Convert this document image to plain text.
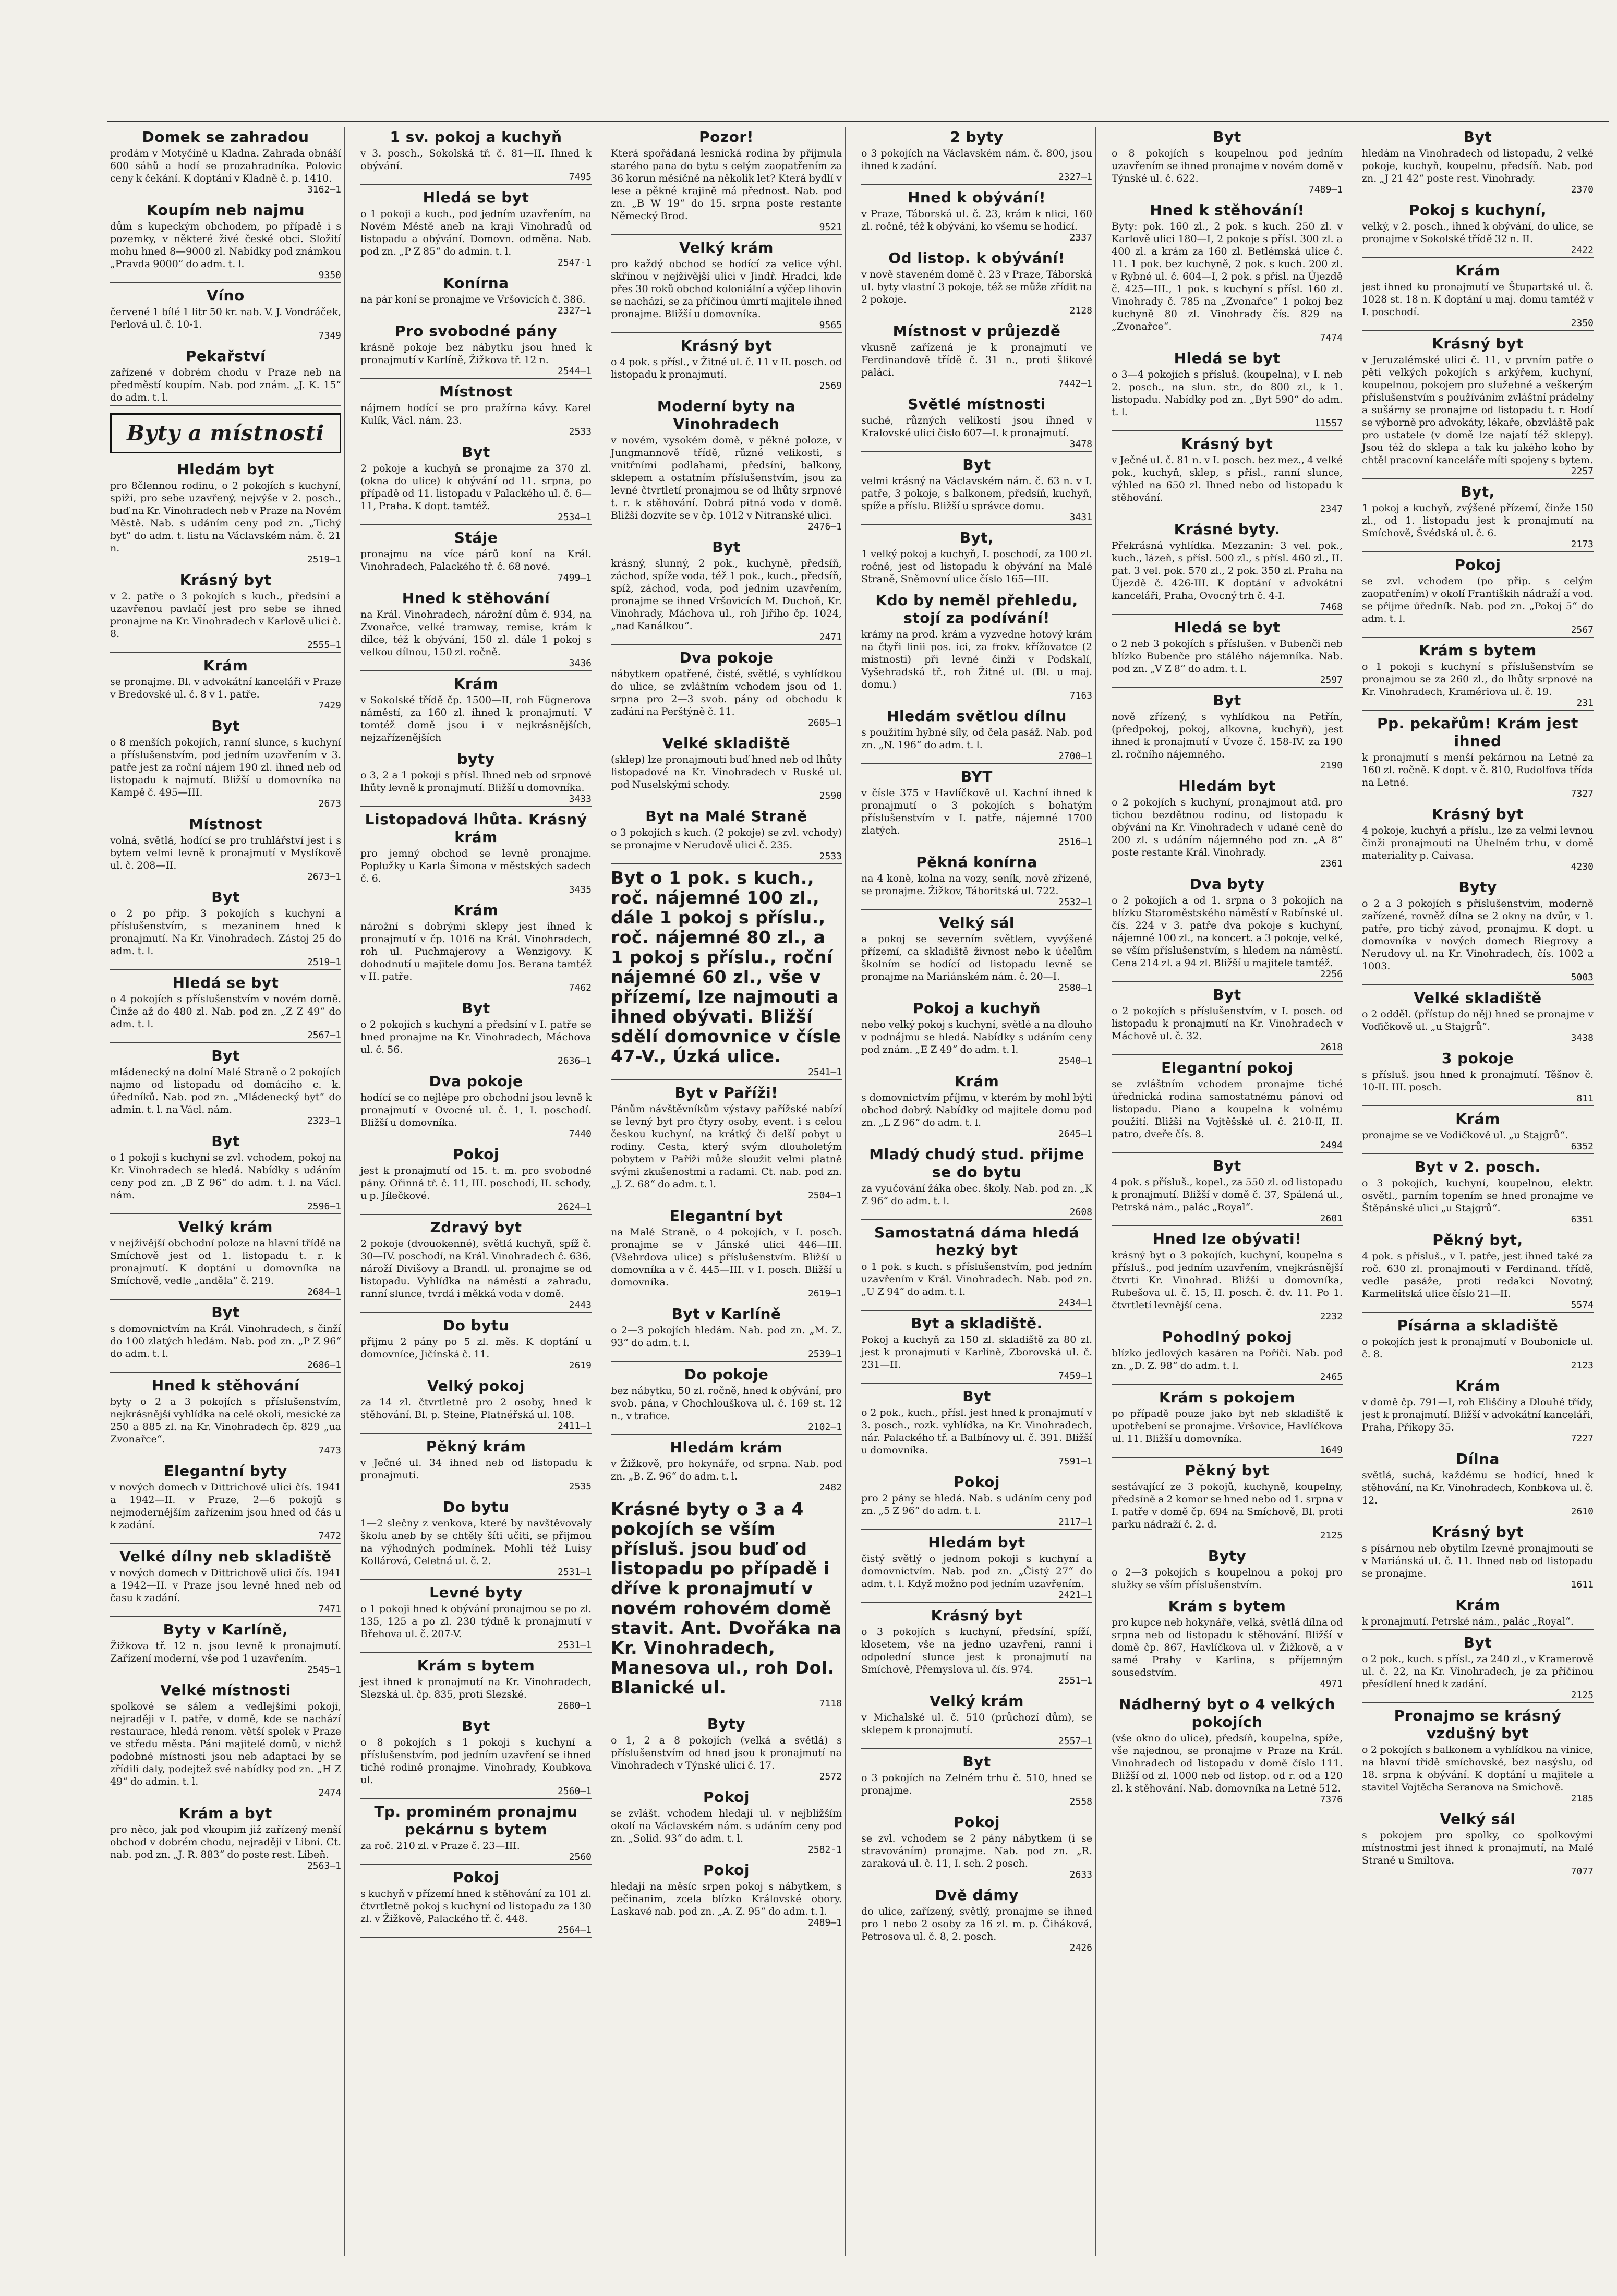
Domek se zahradou

prodám v Motyčíně u Kladna. Zahrada obnáší 600 sáhů a hodí se prozahradníka. Polovic ceny k čekání. K doptání v Kladně č. p. 1410.

3162—1
Koupím neb najmu

dům s kupeckým obchodem, po případě i s pozemky, v některé živé české obci. Složití mohu hned 8—9000 zl. Nabídky pod známkou „Pravda 9000“ do adm. t. l.

9350
Víno

červené 1 bílé 1 litr 50 kr. nab. V. J. Vondráček, Perlová ul. č. 10-1.

7349
Pekařství

zařízené v dobrém chodu v Praze neb na předměstí koupím. Nab. pod znám. „J. K. 15“ do adm. t. l.

Byty a místnosti
Hledám byt

pro 8člennou rodinu, o 2 pokojích s kuchyní, spíží, pro sebe uzavřený, nejvýše v 2. posch., buď na Kr. Vinohradech neb v Praze na Novém Městě. Nab. s udáním ceny pod zn. „Tichý byt“ do adm. t. listu na Václavském nám. č. 21 n.

2519—1
Krásný byt

v 2. patře o 3 pokojích s kuch., předsíní a uzavřenou pavlačí jest pro sebe se ihned pronajme na Kr. Vinohradech v Karlově ulici č. 8.

2555—1
Krám

se pronajme. Bl. v advokátní kanceláři v Praze v Bredovské ul. č. 8 v 1. patře.

7429
Byt

o 8 menších pokojích, ranní slunce, s kuchyní a příslušenstvím, pod jedním uzavřením v 3. patře jest za roční nájem 190 zl. ihned neb od listopadu k najmutí. Bližší u domovníka na Kampě č. 495—III.

2673
Místnost

volná, světlá, hodící se pro truhlářství jest i s bytem velmi levně k pronajmutí v Myslíkově ul. č. 208—II.

2673—1
Byt

o 2 po přip. 3 pokojích s kuchyní a příslušenstvím, s mezaninem hned k pronajmutí. Na Kr. Vinohradech. Zástoj 25 do adm. t. l.

2519—1
Hledá se byt

o 4 pokojích s příslušenstvím v novém domě. Činže až do 480 zl. Nab. pod zn. „Z Z 49“ do adm. t. l.

2567—1
Byt

mládenecký na dolní Malé Straně o 2 pokojích najmo od listopadu od domácího c. k. úředníků. Nab. pod zn. „Mládenecký byt“ do admin. t. l. na Václ. nám.

2323—1
Byt

o 1 pokoji s kuchyní se zvl. vchodem, pokoj na Kr. Vinohradech se hledá. Nabídky s udáním ceny pod zn. „B Z 96“ do adm. t. l. na Václ. nám.

2596—1
Velký krám

v nejživější obchodní poloze na hlavní třídě na Smíchově jest od 1. listopadu t. r. k pronajmutí. K doptání u domovníka na Smíchově, vedle „anděla“ č. 219.

2684—1
Byt

s domovnictvím na Král. Vinohradech, s činží do 100 zlatých hledám. Nab. pod zn. „P Z 96“ do adm. t. l.

2686—1
Hned k stěhování

byty o 2 a 3 pokojích s příslušenstvím, nejkrásnější vyhlídka na celé okolí, mesické za 250 a 885 zl. na Kr. Vinohradech čp. 829 „ua Zvonařce“.

7473
Elegantní byty

v nových domech v Dittrichově ulici čís. 1941 a 1942—II. v Praze, 2—6 pokojů s nejmodernějším zařízením jsou hned od čás u k zadání.

7472
Velké dílny neb skladiště

v nových domech v Dittrichově ulici čís. 1941 a 1942—II. v Praze jsou levně hned neb od času k zadání.

7471
Byty v Karlíně,

Žižkova tř. 12 n. jsou levně k pronajmutí. Zařízení moderní, vše pod 1 uzavřením.

2545—1
Velké místnosti

spolkové se sálem a vedlejšími pokoji, nejraději v I. patře, v domě, kde se nachází restaurace, hledá renom. větší spolek v Praze ve středu města. Páni majitelé domů, v nichž podobné místnosti jsou neb adaptaci by se zřídili daly, podejtež své nabídky pod zn. „H Z 49“ do admin. t. l.

2474
Krám a byt

pro něco, jak pod vkoupim již zařízený menší obchod v dobrém chodu, nejraději v Libni. Ct. nab. pod zn. „J. R. 883“ do poste rest. Libeň.

2563—1
1 sv. pokoj a kuchyň

v 3. posch., Sokolská tř. č. 81—II. Ihned k obývání.

7495
Hledá se byt

o 1 pokoji a kuch., pod jedním uzavřením, na Novém Městě aneb na kraji Vinohradů od listopadu a obývání. Domovn. odměna. Nab. pod zn. „P Z 85“ do admin. t. l.

2547-1
Konírna

na pár koní se pronajme ve Vršovicích č. 386.

2327—1
Pro svobodné pány

krásně pokoje bez nábytku jsou hned k pronajmutí v Karlíně, Žižkova tř. 12 n.

2544—1
Místnost

nájmem hodící se pro pražírna kávy. Karel Kulík, Václ. nám. 23.

2533
Byt

2 pokoje a kuchyň se pronajme za 370 zl. (okna do ulice) k obývání od 11. srpna, po případě od 11. listopadu v Palackého ul. č. 6—11, Praha. K dopt. tamtéž.

2534—1
Stáje

pronajmu na více párů koní na Král. Vinohradech, Palackého tř. č. 68 nové.

7499—1
Hned k stěhování

na Král. Vinohradech, nárožní dům č. 934, na Zvonařce, velké tramway, remise, krám k dílce, též k obývání, 150 zl. dále 1 pokoj s velkou dílnou, 150 zl. ročně.

3436
Krám

v Sokolské třídě čp. 1500—II, roh Fügnerova náměstí, za 160 zl. ihned k pronajmutí. V tomtéž domě jsou i v nejkrásnějších, nejzařízenějších

byty

o 3, 2 a 1 pokoji s přísl. Ihned neb od srpnové lhůty levně k pronajmutí. Bližší u domovníka.

3433
Listopadová lhůta. Krásný krám

pro jemný obchod se levně pronajme. Poplužky u Karla Šimona v městských sadech č. 6.

3435
Krám

nárožní s dobrými sklepy jest ihned k pronajmutí v čp. 1016 na Král. Vinohradech, roh ul. Puchmajerovy a Wenzigovy. K dohodnutí u majitele domu Jos. Berana tamtéž v II. patře.

7462
Byt

o 2 pokojích s kuchyní a předsíní v I. patře se hned pronajme na Kr. Vinohradech, Máchova ul. č. 56.

2636—1
Dva pokoje

hodící se co nejlépe pro obchodní jsou levně k pronajmutí v Ovocné ul. č. 1, I. poschodí. Bližší u domovníka.

7440
Pokoj

jest k pronajmutí od 15. t. m. pro svobodné pány. Ořinná tř. č. 11, III. poschodí, II. schody, u p. Jílečkové.

2624—1
Zdravý byt

2 pokoje (dvouokenné), světlá kuchyň, spíž č. 30—IV. poschodí, na Král. Vinohradech č. 636, nároží Divišovy a Brandl. ul. pronajme se od listopadu. Vyhlídka na náměstí a zahradu, ranní slunce, tvrdá i měkká voda v domě.

2443
Do bytu

přijmu 2 pány po 5 zl. měs. K doptání u domovníce, Jičínská č. 11.

2619
Velký pokoj

za 14 zl. čtvrtletně pro 2 osoby, hned k stěhování. Bl. p. Steine, Platnéřská ul. 108.

2411—1
Pěkný krám

v Ječné ul. 34 ihned neb od listopadu k pronajmutí.

2535
Do bytu

1—2 slečny z venkova, které by navštěvovaly školu aneb by se chtěly šíti učiti, se přijmou na výhodných podmínek. Mohli též Luisy Kollárová, Celetná ul. č. 2.

2531—1
Levné byty

o 1 pokoji hned k obývání pronajmou se po zl. 135, 125 a po zl. 230 týdně k pronajmutí v Břehova ul. č. 207-V.

2531—1
Krám s bytem

jest ihned k pronajmutí na Kr. Vinohradech, Slezská ul. čp. 835, proti Slezské.

2680—1
Byt

o 8 pokojích s 1 pokoji s kuchyní a příslušenstvím, pod jedním uzavření se ihned tiché rodině pronajme. Vinohrady, Koubkova ul.

2560—1
Tp. prominém pronajmu pekárnu s bytem

za roč. 210 zl. v Praze č. 23—III.

2560
Pokoj

s kuchyň v přízemí hned k stěhování za 101 zl. čtvrtletně pokoj s kuchyní od listopadu za 130 zl. v Žižkově, Palackého tř. č. 448.

2564—1
Pozor!

Která spořádaná lesnická rodina by přijmula starého pana do bytu s celým zaopatřením za 36 korun měsíčně na několik let? Která bydlí v lese a pěkné krajině má přednost. Nab. pod zn. „B W 19“ do 15. srpna poste restante Německý Brod.

9521
Velký krám

pro každý obchod se hodící za velice výhl. skřínou v nejživější ulici v Jindř. Hradci, kde přes 30 roků obchod koloniální a výčep lihovin se nachází, se za příčinou úmrtí majitele ihned pronajme. Bližší u domovníka.

9565
Krásný byt

o 4 pok. s přísl., v Žitné ul. č. 11 v II. posch. od listopadu k pronajmutí.

2569
Moderní byty na Vinohradech

v novém, vysokém domě, v pěkné poloze, v Jungmannově třídě, různé velikosti, s vnitřními podlahami, předsíní, balkony, sklepem a ostatním příslušenstvím, jsou za levné čtvrtletí pronajmou se od lhůty srpnové t. r. k stěhování. Dobrá pitná voda v domě. Bližší dozvíte se v čp. 1012 v Nitranské ulici.

2476—1
Byt

krásný, slunný, 2 pok., kuchyně, předsíň, záchod, spíže voda, též 1 pok., kuch., předsíň, spíž, záchod, voda, pod jedním uzavřením, pronajme se ihned Vršovicích M. Duchoň, Kr. Vinohrady, Máchova ul., roh Jiřího čp. 1024, „nad Kanálkou“.

2471
Dva pokoje

nábytkem opatřené, čisté, světlé, s vyhlídkou do ulice, se zvláštním vchodem jsou od 1. srpna pro 2—3 svob. pány od obchodu k zadání na Perštýně č. 11.

2605—1
Velké skladiště

(sklep) lze pronajmouti buď hned neb od lhůty listopadové na Kr. Vinohradech v Ruské ul. pod Nuselskými schody.

2590
Byt na Malé Straně

o 3 pokojích s kuch. (2 pokoje) se zvl. vchody) se pronajme v Nerudově ulici č. 235.

2533
Byt o 1 pok. s kuch., roč. nájemné 100 zl., dále 1 pokoj s příslu., roč. nájemné 80 zl., a 1 pokoj s příslu., roční nájemné 60 zl., vše v přízemí, lze najmouti a ihned obývati. Bližší sdělí domovnice v čísle 47-V., Úzká ulice.
2541—1
Byt v Paříži!

Pánům návštěvníkům výstavy pařížské nabízí se levný byt pro čtyry osoby, event. i s celou českou kuchyní, na krátký či delší pobyt u rodiny. Cesta, který svým dlouholetým pobytem v Paříži může sloužit velmi platně svými zkušenostmi a radami. Ct. nab. pod zn. „J. Z. 68“ do adm. t. l.

2504—1
Elegantní byt

na Malé Straně, o 4 pokojích, v I. posch. pronajme se v Jánské ulici 446—III. (Všehrdova ulice) s příslušenstvím. Bližší u domovníka a v č. 445—III. v I. posch. Bližší u domovníka.

2619—1
Byt v Karlíně

o 2—3 pokojích hledám. Nab. pod zn. „M. Z. 93“ do adm. t. l.

2539—1
Do pokoje

bez nábytku, 50 zl. ročně, hned k obývání, pro svob. pána, v Chochlouškova ul. č. 169 st. 12 n., v trafice.

2102—1
Hledám krám

v Žižkově, pro hokynáře, od srpna. Nab. pod zn. „B. Z. 96“ do adm. t. l.

2482
Krásné byty o 3 a 4 pokojích se vším přísluš. jsou buď od listopadu po případě i dříve k pronajmutí v novém rohovém domě stavit. Ant. Dvořáka na Kr. Vinohradech, Manesova ul., roh Dol. Blanické ul.
7118
Byty

o 1, 2 a 8 pokojích (velká a světlá) s příslušenstvím od hned jsou k pronajmutí na Vinohradech v Týnské ulici č. 17.

2572
Pokoj

se zvlášt. vchodem hledají ul. v nejbližším okolí na Václavském nám. s udáním ceny pod zn. „Solid. 93“ do adm. t. l.

2582-1
Pokoj

hledají na měsíc srpen pokoj s nábytkem, s pečinanim, zcela blízko Královské obory. Laskavé nab. pod zn. „A. Z. 95“ do adm. t. l.

2489—1
2 byty

o 3 pokojích na Václavském nám. č. 800, jsou ihned k zadání.

2327—1
Hned k obývání!

v Praze, Táborská ul. č. 23, krám k nlici, 160 zl. ročně, též k obývání, ko všemu se hodící.

2337
Od listop. k obývání!

v nově staveném domě č. 23 v Praze, Táborská ul. byty vlastní 3 pokoje, též se může zřídit na 2 pokoje.

2128
Místnost v průjezdě

vkusně zařízená je k pronajmutí ve Ferdinandově třídě č. 31 n., proti šlikové paláci.

7442—1
Světlé místnosti

suché, různých velikostí jsou ihned v Kralovské ulici čislo 607—I. k pronajmutí.

3478
Byt

velmi krásný na Václavském nám. č. 63 n. v I. patře, 3 pokoje, s balkonem, předsíň, kuchyň, spíže a příslu. Bližší u správce domu.

3431
Byt,

1 velký pokoj a kuchyň, I. poschodí, za 100 zl. ročně, jest od listopadu k obývání na Malé Straně, Sněmovní ulice číslo 165—III.

Kdo by neměl přehledu, stojí za podívání!

krámy na prod. krám a vyzvedne hotový krám na čtyři linii pos. ici, za frokv. křížovatce (2 místnosti) při levné činži v Podskalí, Vyšehradská tř., roh Žitné ul. (Bl. u maj. domu.)

7163
Hledám světlou dílnu

s použitím hybné síly, od čela pasáž. Nab. pod zn. „N. 196“ do adm. t. l.

2700—1
BYT

v čísle 375 v Havlíčkově ul. Kachní ihned k pronajmutí o 3 pokojích s bohatým příslušenstvím v I. patře, nájemné 1700 zlatých.

2516—1
Pěkná konírna

na 4 koně, kolna na vozy, seník, nově zřízené, se pronajme. Žižkov, Táboritská ul. 722.

2532—1
Velký sál

a pokoj se severním světlem, vyvýšené přízemí, ca skladiště živnost nebo k účelům školním se hodící od listopadu levně se pronajme na Mariánském nám. č. 20—I.

2580—1
Pokoj a kuchyň

nebo velký pokoj s kuchyní, světlé a na dlouho v podnájmu se hledá. Nabídky s udáním ceny pod znám. „E Z 49“ do adm. t. l.

2540—1
Krám

s domovnictvím příjmu, v kterém by mohl býti obchod dobrý. Nabídky od majitele domu pod zn. „L Z 96“ do adm. t. l.

2645—1
Mladý chudý stud. přijme se do bytu

za vyučování žáka obec. školy. Nab. pod zn. „K Z 96“ do adm. t. l.

2608
Samostatná dáma hledá hezký byt

o 1 pok. s kuch. s příslušenstvím, pod jedním uzavřením v Král. Vinohradech. Nab. pod zn. „U Z 94“ do adm. t. l.

2434—1
Byt a skladiště.

Pokoj a kuchyň za 150 zl. skladiště za 80 zl. jest k pronajmutí v Karlíně, Zborovská ul. č. 231—II.

7459—1
Byt

o 2 pok., kuch., přísl. jest hned k pronajmutí v 3. posch., rozk. vyhlídka, na Kr. Vinohradech, nár. Palackého tř. a Balbínovy ul. č. 391. Bližší u domovníka.

7591—1
Pokoj

pro 2 pány se hledá. Nab. s udáním ceny pod zn. „5 Z 96“ do adm. t. l.

2117—1
Hledám byt

čistý světlý o jednom pokoji s kuchyní a domovnictvím. Nab. pod zn. „Čistý 27“ do adm. t. l. Když možno pod jedním uzavřením.

2421—1
Krásný byt

o 3 pokojích s kuchyní, předsíní, spíží, klosetem, vše na jedno uzavření, ranní i odpolední slunce jest k pronajmutí na Smíchově, Přemyslova ul. čís. 974.

2551—1
Velký krám

v Michalské ul. č. 510 (průchozí dům), se sklepem k pronajmutí.

2557—1
Byt

o 3 pokojích na Zelném trhu č. 510, hned se pronajme.

2558
Pokoj

se zvl. vchodem se 2 pány nábytkem (i se stravováním) pronajme. Nab. pod zn. „R. zaraková ul. č. 11, I. sch. 2 posch.

2633
Dvě dámy

do ulice, zařízený, světlý, pronajme se ihned pro 1 nebo 2 osoby za 16 zl. m. p. Čiháková, Petrosova ul. č. 8, 2. posch.

2426
Byt

o 8 pokojích s koupelnou pod jedním uzavřením se ihned pronajme v novém domě v Týnské ul. č. 622.

7489—1
Hned k stěhování!

Byty: pok. 160 zl., 2 pok. s kuch. 250 zl. v Karlově ulici 180—I, 2 pokoje s přísl. 300 zl. a 400 zl. a krám za 160 zl. Betlémská ulice č. 11. 1 pok. bez kuchyně, 2 pok. s kuch. 200 zl. v Rybné ul. č. 604—I, 2 pok. s přísl. na Újezdě č. 425—III., 1 pok. s kuchyní s přísl. 160 zl. Vinohrady č. 785 na „Zvonařce“ 1 pokoj bez kuchyně 80 zl. Vinohrady čís. 829 na „Zvonařce“.

7474
Hledá se byt

o 3—4 pokojích s přísluš. (koupelna), v I. neb 2. posch., na slun. str., do 800 zl., k 1. listopadu. Nabídky pod zn. „Byt 590“ do adm. t. l.

11557
Krásný byt

v Ječné ul. č. 81 n. v I. posch. bez mez., 4 velké pok., kuchyň, sklep, s přísl., ranní slunce, výhled na 650 zl. Ihned nebo od listopadu k stěhování.

2347
Krásné byty.

Překrásná vyhlídka. Mezzanin: 3 vel. pok., kuch., lázeň, s přísl. 500 zl., s přísl. 460 zl., II. pat. 3 vel. pok. 570 zl., 2 pok. 350 zl. Praha na Újezdě č. 426-III. K doptání v advokátní kanceláři, Praha, Ovocný trh č. 4-I.

7468
Hledá se byt

o 2 neb 3 pokojích s příslušen. v Bubenči neb blízko Bubenče pro stálého nájemníka. Nab. pod zn. „V Z 8“ do adm. t. l.

2597
Byt

nově zřízený, s vyhlídkou na Petřín, (předpokoj, pokoj, alkovna, kuchyň), jest ihned k pronajmutí v Úvoze č. 158-IV. za 190 zl. ročního nájemného.

2190
Hledám byt

o 2 pokojích s kuchyní, pronajmout atd. pro tichou bezdětnou rodinu, od listopadu k obývání na Kr. Vinohradech v udané ceně do 200 zl. s udáním nájemného pod zn. „A 8“ poste restante Král. Vinohrady.

2361
Dva byty

o 2 pokojích a od 1. srpna o 3 pokojích na blízku Staroměstského náměstí v Rabínské ul. čís. 224 v 3. patře dva pokoje s kuchyní, nájemné 100 zl., na koncert. a 3 pokoje, velké, se vším příslušenstvím, s hledem na náměstí. Cena 214 zl. a 94 zl. Bližší u majitele tamtéž.

2256
Byt

o 2 pokojích s příslušenstvím, v I. posch. od listopadu k pronajmutí na Kr. Vinohradech v Máchově ul. č. 32.

2618
Elegantní pokoj

se zvláštním vchodem pronajme tiché úřednická rodina samostatnému pánovi od listopadu. Piano a koupelna k volnému použití. Bližší na Vojtěšské ul. č. 210-II, II. patro, dveře čís. 8.

2494
Byt

4 pok. s přísluš., kopel., za 550 zl. od listopadu k pronajmutí. Bližší v domě č. 37, Spálená ul., Petrská nám., palác „Royal“.

2601
Hned lze obývati!

krásný byt o 3 pokojích, kuchyní, koupelna s přísluš., pod jedním uzavřením, vnejkrásnější čtvrti Kr. Vinohrad. Bližší u domovníka, Rubešova ul. č. 15, II. posch. č. dv. 11. Po 1. čtvrtletí levnější cena.

2232
Pohodlný pokoj

blízko jedlových kasáren na Poříčí. Nab. pod zn. „D. Z. 98“ do adm. t. l.

2465
Krám s pokojem

po případě pouze jako byt neb skladiště k upotřebení se pronajme. Vršovice, Havlíčkova ul. 11. Bližší u domovníka.

1649
Pěkný byt

sestávající ze 3 pokojů, kuchyně, koupelny, předsíně a 2 komor se hned nebo od 1. srpna v I. patře v domě čp. 694 na Smíchově, Bl. proti parku nádraží č. 2. d.

2125
Byty

o 2—3 pokojích s koupelnou a pokoj pro služky se vším příslušenstvím.

Krám s bytem

pro kupce neb hokynáře, velká, světlá dílna od srpna neb od listopadu k stěhování. Bližší v domě čp. 867, Havlíčkova ul. v Žižkově, a v samé Prahy v Karlina, s příjemným sousedstvím.

4971
Nádherný byt o 4 velkých pokojích

(vše okno do ulice), předsíň, koupelna, spíže, vše najednou, se pronajme v Praze na Král. Vinohradech od listopadu v domě číslo 111. Bližší od zl. 1000 neb od listop. od r. od a 120 zl. k stěhování. Nab. domovníka na Letné 512.

7376
Byt

hledám na Vinohradech od listopadu, 2 velké pokoje, kuchyň, koupelnu, předsíň. Nab. pod zn. „J 21 42“ poste rest. Vinohrady.

2370
Pokoj s kuchyní,

velký, v 2. posch., ihned k obývání, do ulice, se pronajme v Sokolské třídě 32 n. II.

2422
Krám

jest ihned ku pronajmutí ve Štupartské ul. č. 1028 st. 18 n. K doptání u maj. domu tamtéž v I. poschodí.

2350
Krásný byt

v Jeruzalémské ulici č. 11, v prvním patře o pěti velkých pokojích s arkýřem, kuchyní, koupelnou, pokojem pro služebné a veškerým příslušenstvím s používáním zvláštní prádelny a sušárny se pronajme od listopadu t. r. Hodí se výborně pro advokáty, lékaře, obzvláště pak pro ustatele (v domě lze najatí též sklepy). Jsou též do sklepa a tak ku jakého koho by chtěl pracovní kanceláře míti spojeny s bytem.

2257
Byt,

1 pokoj a kuchyň, zvýšené přízemí, činže 150 zl., od 1. listopadu jest k pronajmutí na Smíchově, Švédská ul. č. 6.

2173
Pokoj

se zvl. vchodem (po přip. s celým zaopatřením) v okolí Františkih nádraží a vod. se přijme úředník. Nab. pod zn. „Pokoj 5“ do adm. t. l.

2567
Krám s bytem

o 1 pokoji s kuchyní s příslušenstvím se pronajmou se za 260 zl., do lhůty srpnové na Kr. Vinohradech, Kramériova ul. č. 19.

231
Pp. pekařům! Krám jest ihned

k pronajmutí s menší pekárnou na Letné za 160 zl. ročně. K dopt. v č. 810, Rudolfova třída na Letné.

7327
Krásný byt

4 pokoje, kuchyň a příslu., lze za velmi levnou činži pronajmouti na Úhelném trhu, v domě materiality p. Caivasa.

4230
Byty

o 2 a 3 pokojích s příslušenstvím, moderně zařízené, rovněž dílna se 2 okny na dvůr, v 1. patře, pro tichý závod, pronajmu. K dopt. u domovníka v nových domech Riegrovy a Nerudovy ul. na Kr. Vinohradech, čís. 1002 a 1003.

5003
Velké skladiště

o 2 odděl. (přístup do něj) hned se pronajme v Voďičkově ul. „u Stajgrů“.

3438
3 pokoje

s přísluš. jsou hned k pronajmutí. Těšnov č. 10-II. III. posch.

811
Krám

pronajme se ve Vodičkově ul. „u Stajgrů“.

6352
Byt v 2. posch.

o 3 pokojích, kuchyní, koupelnou, elektr. osvětl., parním topením se hned pronajme ve Štěpánské ulici „u Stajgrů“.

6351
Pěkný byt,

4 pok. s přísluš., v I. patře, jest ihned také za roč. 630 zl. pronajmouti v Ferdinand. třídě, vedle pasáže, proti redakci Novotný, Karmelitská ulice číslo 21—II.

5574
Písárna a skladiště

o pokojích jest k pronajmutí v Boubonicle ul. č. 8.

2123
Krám

v domě čp. 791—I, roh Eliščiny a Dlouhé třídy, jest k pronajmutí. Bližší v advokátní kanceláři, Praha, Příkopy 35.

7227
Dílna

světlá, suchá, každému se hodící, hned k stěhování, na Kr. Vinohradech, Konbkova ul. č. 12.

2610
Krásný byt

s písárnou neb obytilm Izevné pronajmouti se v Mariánská ul. č. 11. Ihned neb od listopadu se pronajme.

1611
Krám

k pronajmutí. Petrské nám., palác „Royal“.

Byt

o 2 pok., kuch. s přísl., za 240 zl., v Kramerově ul. č. 22, na Kr. Vinohradech, je za příčinou přesídlení hned k zadání.

2125
Pronajmo se krásný vzdušný byt

o 2 pokojích s balkonem a vyhlídkou na vinice, na hlavní třídě smíchovské, bez nasýslu, od 18. srpna k obývání. K doptání u majitele a stavitel Vojtěcha Seranova na Smíchově.

2185
Velký sál

s pokojem pro spolky, co spolkovými místnostmi jest ihned k pronajmutí, na Malé Straně u Smiltova.

7077
